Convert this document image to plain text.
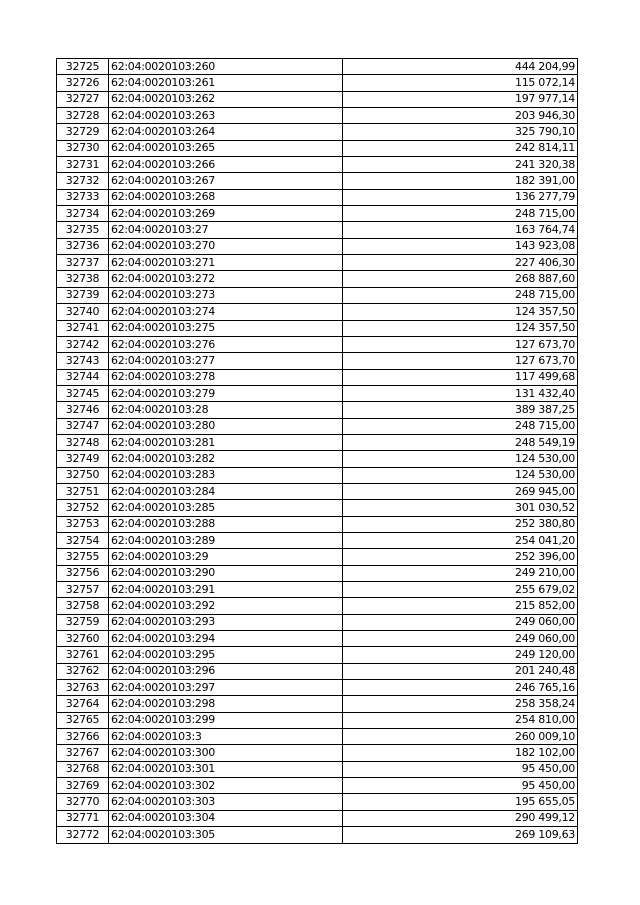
32725	62:04:0020103:260	444 204,99
32726	62:04:0020103:261	115 072,14
32727	62:04:0020103:262	197 977,14
32728	62:04:0020103:263	203 946,30
32729	62:04:0020103:264	325 790,10
32730	62:04:0020103:265	242 814,11
32731	62:04:0020103:266	241 320,38
32732	62:04:0020103:267	182 391,00
32733	62:04:0020103:268	136 277,79
32734	62:04:0020103:269	248 715,00
32735	62:04:0020103:27	163 764,74
32736	62:04:0020103:270	143 923,08
32737	62:04:0020103:271	227 406,30
32738	62:04:0020103:272	268 887,60
32739	62:04:0020103:273	248 715,00
32740	62:04:0020103:274	124 357,50
32741	62:04:0020103:275	124 357,50
32742	62:04:0020103:276	127 673,70
32743	62:04:0020103:277	127 673,70
32744	62:04:0020103:278	117 499,68
32745	62:04:0020103:279	131 432,40
32746	62:04:0020103:28	389 387,25
32747	62:04:0020103:280	248 715,00
32748	62:04:0020103:281	248 549,19
32749	62:04:0020103:282	124 530,00
32750	62:04:0020103:283	124 530,00
32751	62:04:0020103:284	269 945,00
32752	62:04:0020103:285	301 030,52
32753	62:04:0020103:288	252 380,80
32754	62:04:0020103:289	254 041,20
32755	62:04:0020103:29	252 396,00
32756	62:04:0020103:290	249 210,00
32757	62:04:0020103:291	255 679,02
32758	62:04:0020103:292	215 852,00
32759	62:04:0020103:293	249 060,00
32760	62:04:0020103:294	249 060,00
32761	62:04:0020103:295	249 120,00
32762	62:04:0020103:296	201 240,48
32763	62:04:0020103:297	246 765,16
32764	62:04:0020103:298	258 358,24
32765	62:04:0020103:299	254 810,00
32766	62:04:0020103:3	260 009,10
32767	62:04:0020103:300	182 102,00
32768	62:04:0020103:301	95 450,00
32769	62:04:0020103:302	95 450,00
32770	62:04:0020103:303	195 655,05
32771	62:04:0020103:304	290 499,12
32772	62:04:0020103:305	269 109,63
